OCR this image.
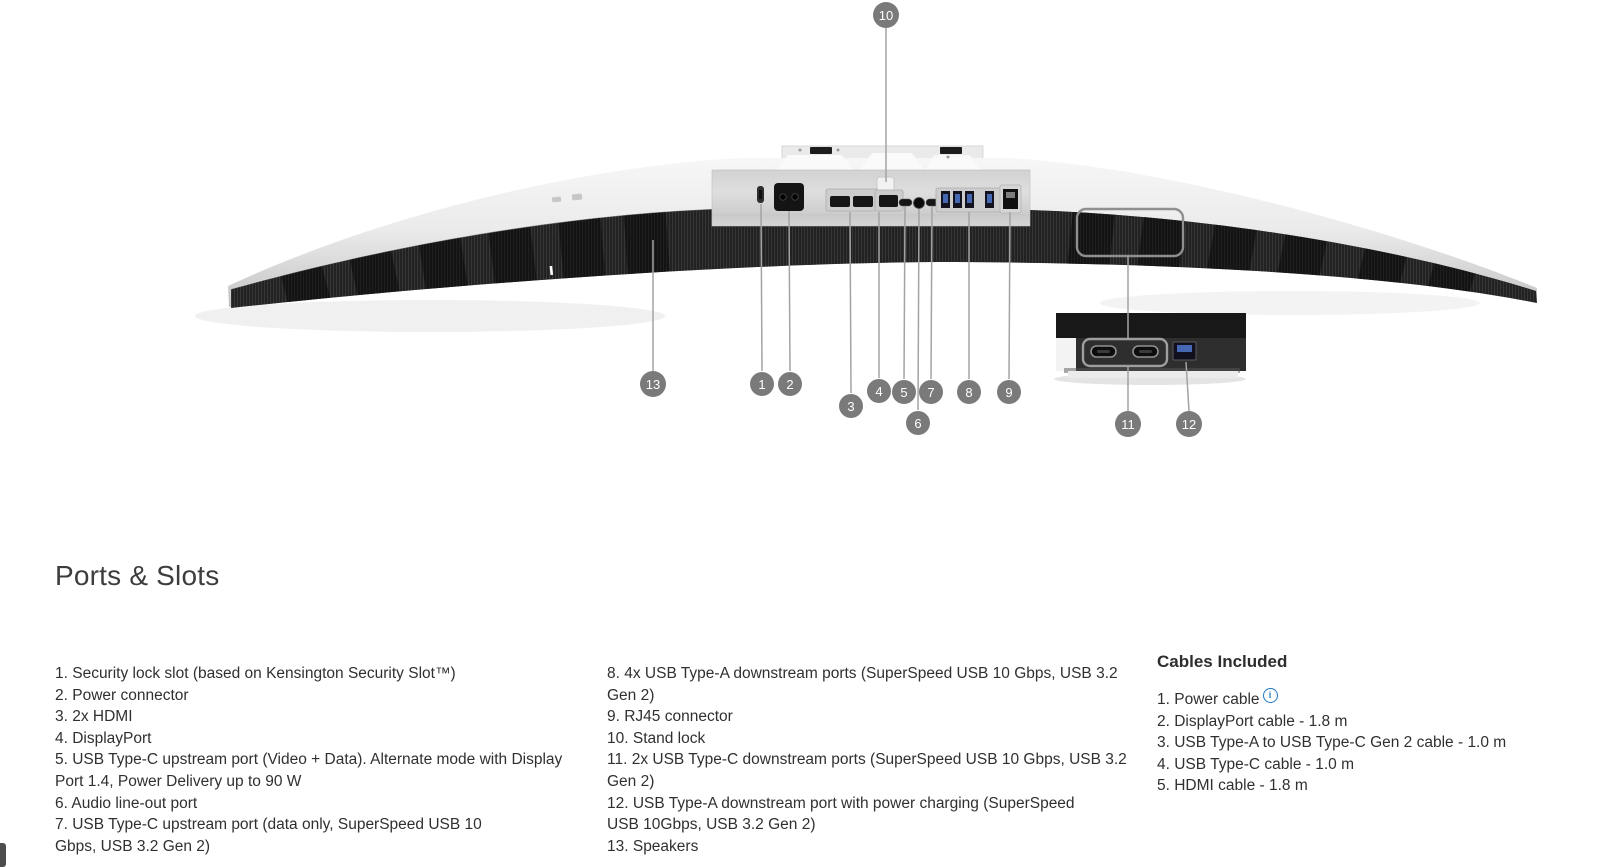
1 2
3
4 5
6
7 8	9
10
11	12
13
Ports & Slots
1. Security lock slot (based on Kensington Security Slot™)
2. Power connector
3. 2x HDMI
4. DisplayPort
5. USB Type-C upstream port (Video + Data). Alternate mode with Display Port 1.4, Power Delivery up to 90 W
6. Audio line-out port
7. USB Type-C upstream port (data only, SuperSpeed USB 10 Gbps, USB 3.2 Gen 2)
8. 4x USB Type-A downstream ports (SuperSpeed USB 10 Gbps, USB 3.2 Gen 2)
9. RJ45 connector
10. Stand lock
11. 2x USB Type-C downstream ports (SuperSpeed USB 10 Gbps, USB 3.2 Gen 2)
12. USB Type-A downstream port with power charging (SuperSpeed USB 10Gbps, USB 3.2 Gen 2)
13. Speakers
Cables Included
1. Power cable i
2. DisplayPort cable - 1.8 m
3. USB Type-A to USB Type-C Gen 2 cable - 1.0 m
4. USB Type-C cable - 1.0 m
5. HDMI cable - 1.8 m
